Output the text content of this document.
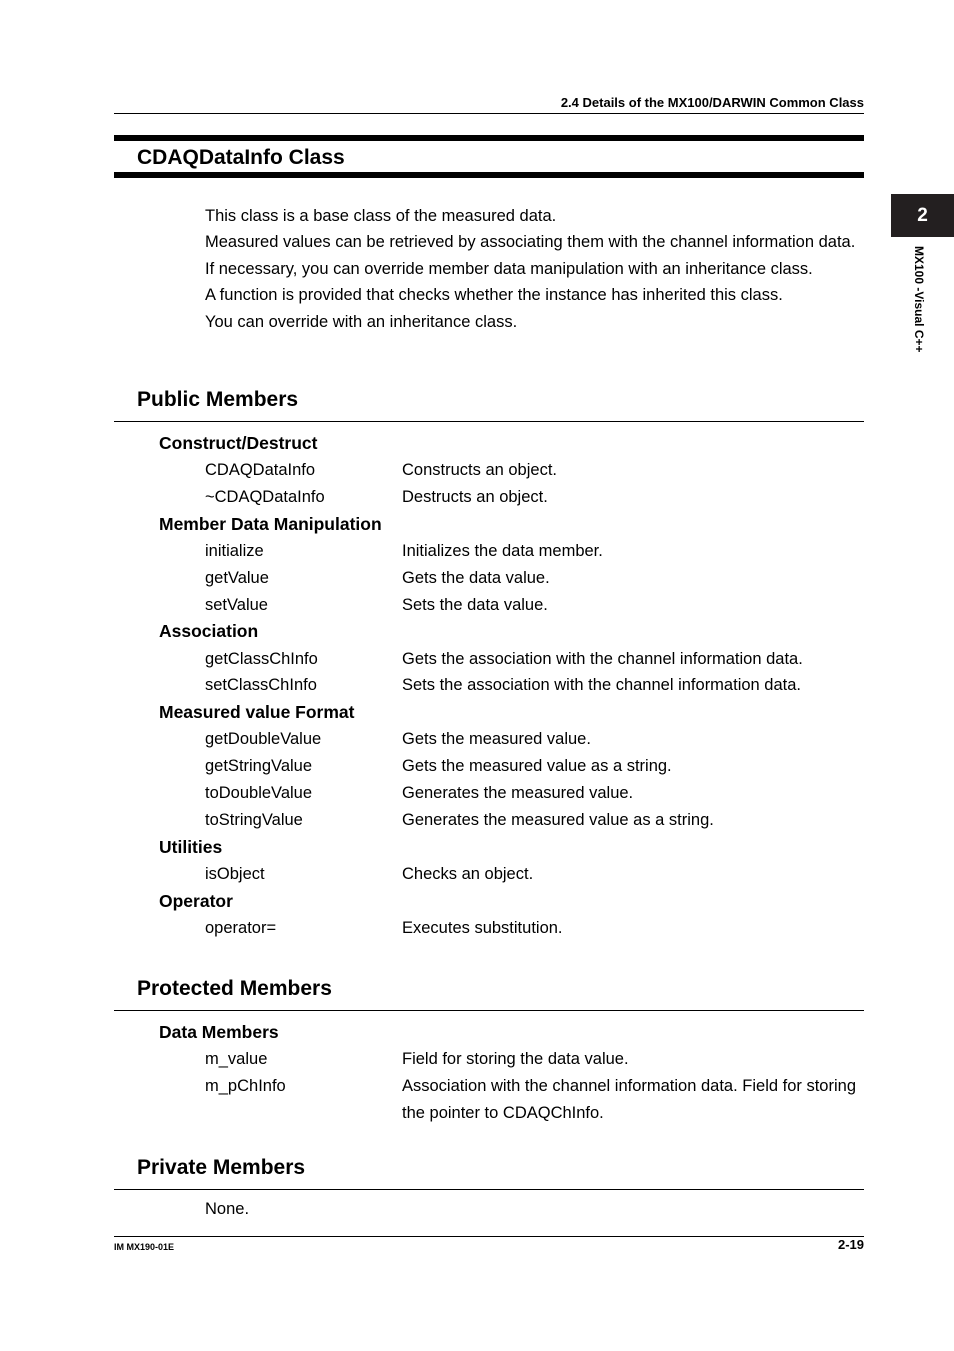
2.4 Details of the MX100/DARWIN Common Class
CDAQDataInfo Class
2
MX100 -Visual C++

This class is a base class of the measured data.

Measured values can be retrieved by associating them with the channel information data.

If necessary, you can override member data manipulation with an inheritance class.

A function is provided that checks whether the instance has inherited this class.

You can override with an inheritance class.

Public Members
Construct/Destruct
CDAQDataInfo	Constructs an object.
~CDAQDataInfo	Destructs an object.
Member Data Manipulation
initialize	Initializes the data member.
getValue	Gets the data value.
setValue	Sets the data value.
Association
getClassChInfo	Gets the association with the channel information data.
setClassChInfo	Sets the association with the channel information data.
Measured value Format
getDoubleValue	Gets the measured value.
getStringValue	Gets the measured value as a string.
toDoubleValue	Generates the measured value.
toStringValue	Generates the measured value as a string.
Utilities
isObject	Checks an object.
Operator
operator=	Executes substitution.
Protected Members
Data Members
m_value	Field for storing the data value.
m_pChInfo	Association with the channel information data. Field for storing the pointer to CDAQChInfo.
Private Members
None.
IM MX190-01E	2-19
